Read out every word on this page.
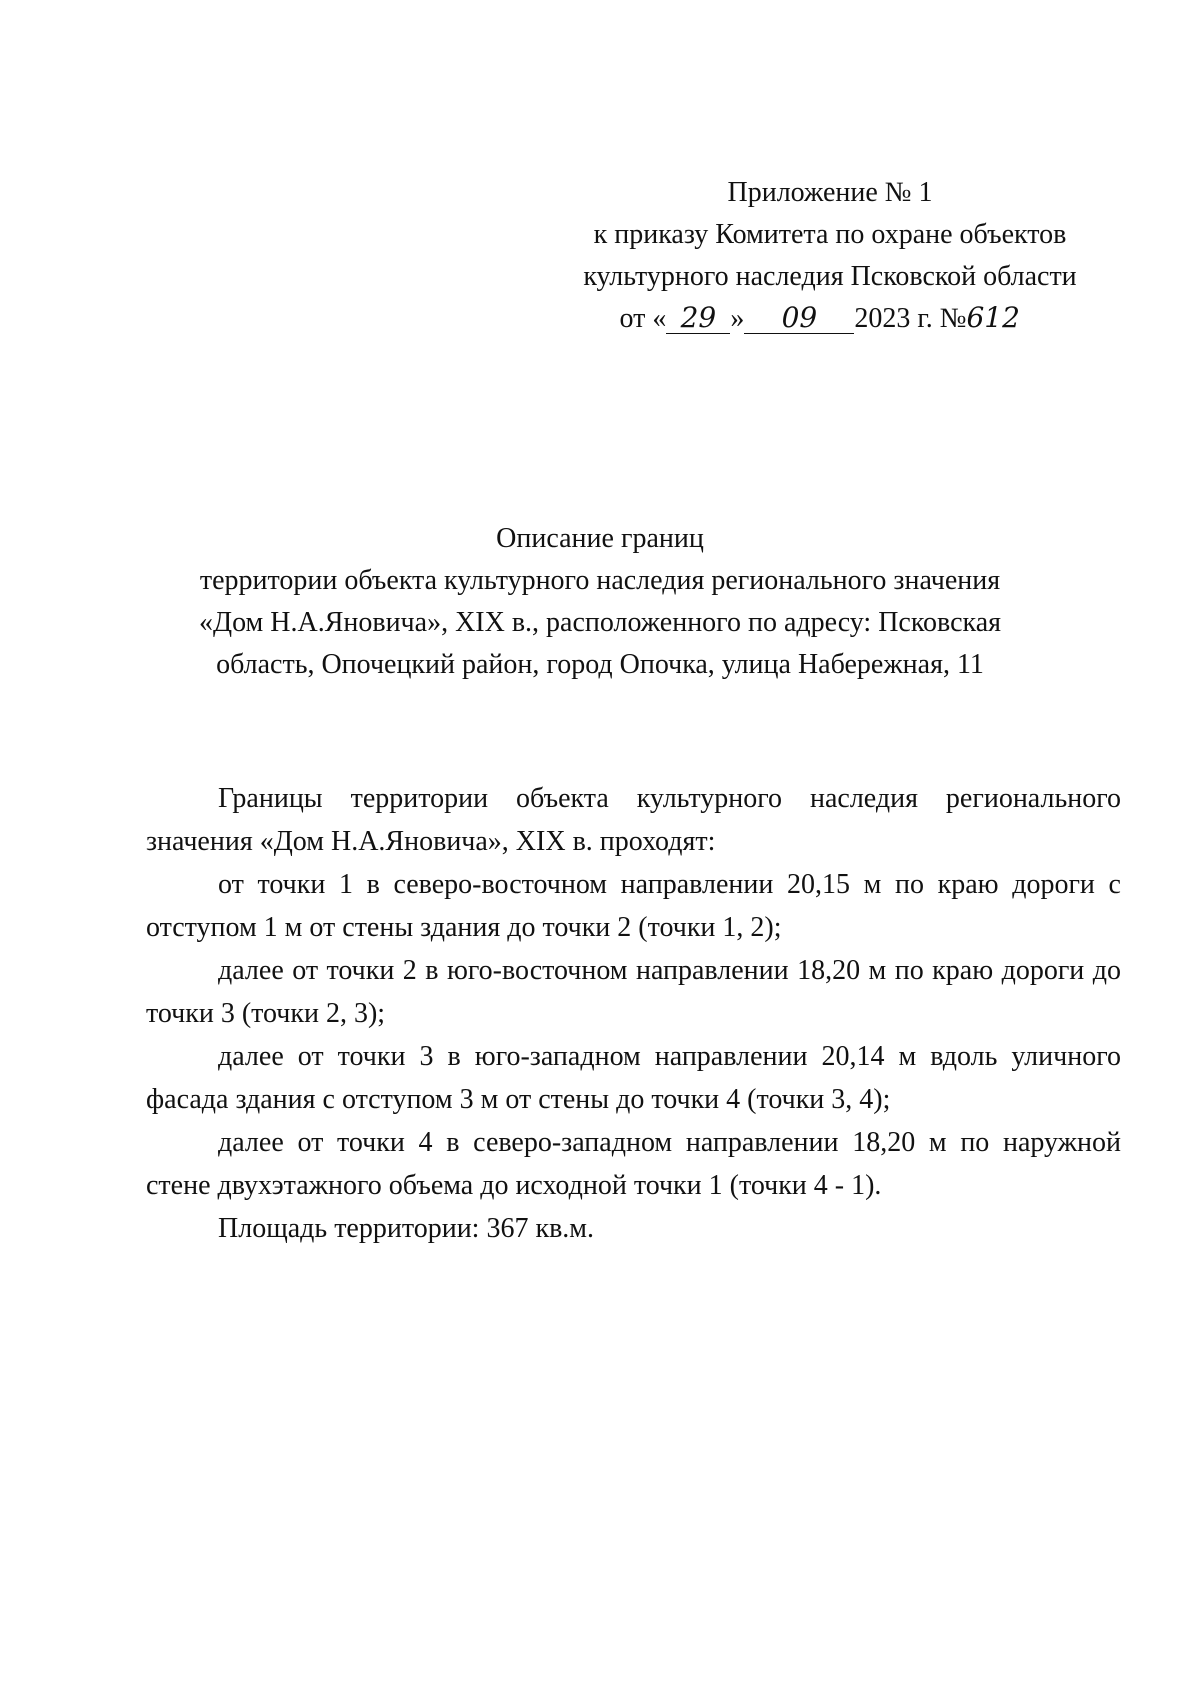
Приложение № 1
к приказу Комитета по охране объектов
культурного наследия Псковской области
от « 29 » 09 2023 г. №612
Описание границ
территории объекта культурного наследия регионального значения
«Дом Н.А.Яновича», XIX в., расположенного по адресу: Псковская
область, Опочецкий район, город Опочка, улица Набережная, 11

Границы территории объекта культурного наследия регионального значения «Дом Н.А.Яновича», XIX в. проходят:

от точки 1 в северо-восточном направлении 20,15 м по краю дороги с отступом 1 м от стены здания до точки 2 (точки 1, 2);

далее от точки 2 в юго-восточном направлении 18,20 м по краю дороги до точки 3 (точки 2, 3);

далее от точки 3 в юго-западном направлении 20,14 м вдоль уличного фасада здания с отступом 3 м от стены до точки 4 (точки 3, 4);

далее от точки 4 в северо-западном направлении 18,20 м по наружной стене двухэтажного объема до исходной точки 1 (точки 4 - 1).

Площадь территории: 367 кв.м.
